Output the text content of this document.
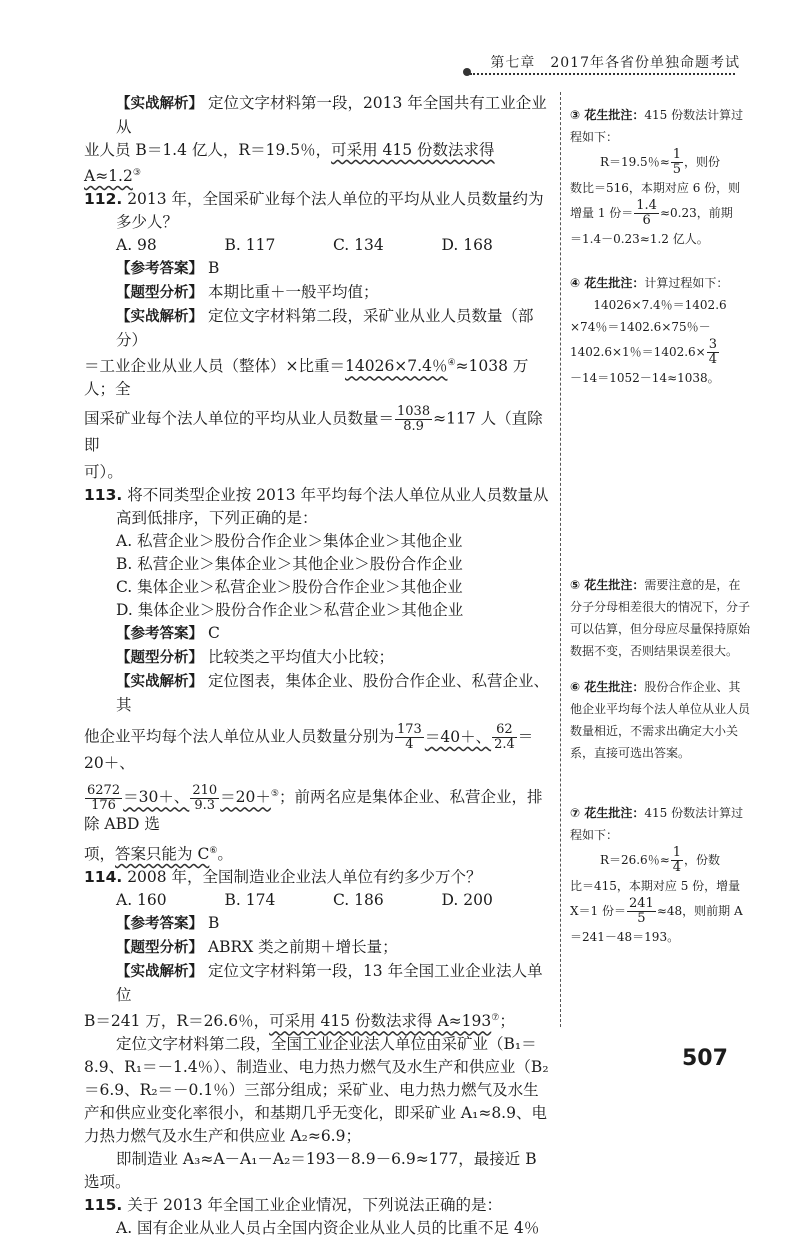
第七章　2017年各省份单独命题考试

【实战解析】 定位文字材料第一段，2013 年全国共有工业企业从

业人员 B＝1.4 亿人，R＝19.5％，可采用 415 份数法求得 A≈1.2③

112. 2013 年，全国采矿业每个法人单位的平均从业人员数量约为多少人？

A. 98	B. 117	C. 134	D. 168

【参考答案】 B

【题型分析】 本期比重＋一般平均值；

【实战解析】 定位文字材料第二段，采矿业从业人员数量（部分）

＝工业企业从业人员（整体）×比重＝14026×7.4％④≈1038 万人；全

国采矿业每个法人单位的平均从业人员数量＝ $\frac{1038}{8.9} \approx 117$ 人（直除即

可）。

113. 将不同类型企业按 2013 年平均每个法人单位从业人员数量从高到低排序，下列正确的是：

A. 私营企业＞股份合作企业＞集体企业＞其他企业

B. 私营企业＞集体企业＞其他企业＞股份合作企业

C. 集体企业＞私营企业＞股份合作企业＞其他企业

D. 集体企业＞股份合作企业＞私营企业＞其他企业

【参考答案】 C

【题型分析】 比较类之平均值大小比较；

【实战解析】 定位图表，集体企业、股份合作企业、私营企业、其

他企业平均每个法人单位从业人员数量分别为 $\frac{173}{4} =40+$、 $\frac{62}{2.4} =20+$、

$\frac{6272}{176} =30+$、 $\frac{210}{9.3} =20+^⑤$；前两名应是集体企业、私营企业，排除 ABD 选

项，答案只能为 C⑥。

114. 2008 年，全国制造业企业法人单位有约多少万个？

A. 160	B. 174	C. 186	D. 200

【参考答案】 B

【题型分析】 ABRX 类之前期＋增长量；

【实战解析】 定位文字材料第一段，13 年全国工业企业法人单位

B＝241 万，R＝26.6％，可采用 415 份数法求得 A≈193⑦；

定位文字材料第二段，全国工业企业法人单位由采矿业（B₁＝8.9、R₁＝－1.4％）、制造业、电力热力燃气及水生产和供应业（B₂＝6.9、R₂＝－0.1％）三部分组成；采矿业、电力热力燃气及水生产和供应业变化率很小，和基期几乎无变化，即采矿业 A₁≈8.9、电力热力燃气及水生产和供应业 A₂≈6.9；

即制造业 A₃≈A－A₁－A₂＝193－8.9－6.9≈177，最接近 B 选项。

115. 关于 2013 年全国工业企业情况，下列说法正确的是：

A. 国有企业从业人员占全国内资企业从业人员的比重不足 4％

③ 花生批注：415 份数法计算过程如下：
R＝19.5％≈ $\frac{1}{5}$ ，则份
数比＝516，本期对应 6 份，则
增量 1 份＝ $\frac{1.4}{6} \approx 0.23$，前期
＝1.4－0.23≈1.2 亿人。
④ 花生批注：计算过程如下：
14026×7.4％＝1402.6
×74％＝1402.6×75％－
1402.6×1％$=1402.6\times \frac{3}{4}$
－14＝1052－14≈1038。
⑤ 花生批注：需要注意的是，在分子分母相差很大的情况下，分子可以估算，但分母应尽量保持原始数据不变，否则结果误差很大。
⑥ 花生批注：股份合作企业、其他企业平均每个法人单位从业人员数量相近，不需求出确定大小关系，直接可选出答案。
⑦ 花生批注：415 份数法计算过程如下：
R＝26.6％≈ $\frac{1}{4}$ ，份数
比＝415，本期对应 5 份，增量
X＝1 份＝ $\frac{241}{5} \approx 48$，则前期 A
＝241－48＝193。
507
